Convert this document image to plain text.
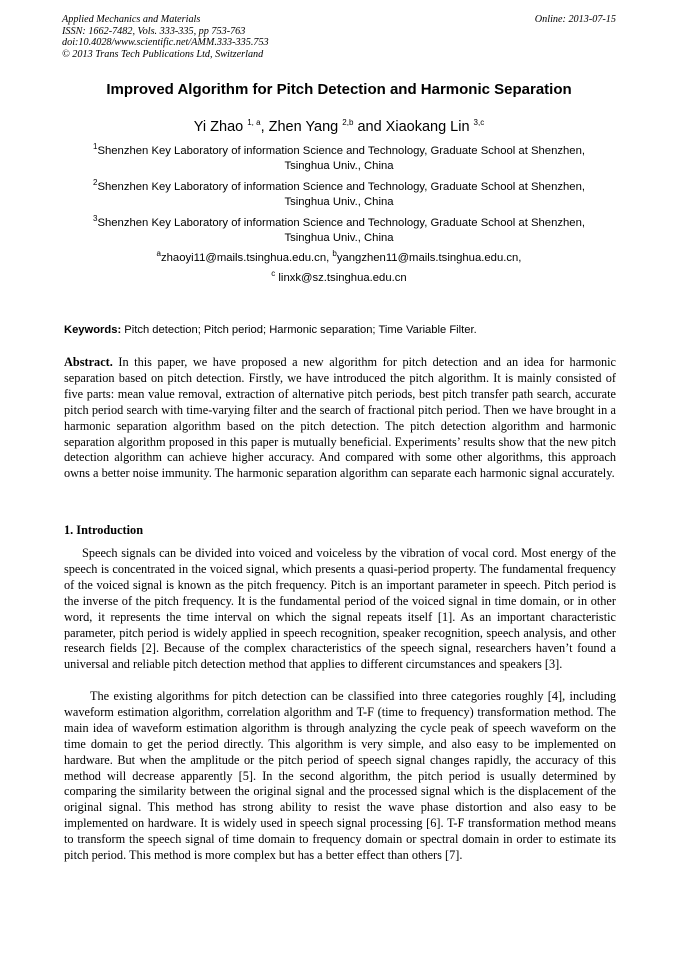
Applied Mechanics and Materials
ISSN: 1662-7482, Vols. 333-335, pp 753-763
doi:10.4028/www.scientific.net/AMM.333-335.753
© 2013 Trans Tech Publications Ltd, Switzerland
Online: 2013-07-15
Improved Algorithm for Pitch Detection and Harmonic Separation
Yi Zhao $^{1, a}$, Zhen Yang $^{2,b}$ and Xiaokang Lin $^{3,c}$
$^1$Shenzhen Key Laboratory of information Science and Technology, Graduate School at Shenzhen,
Tsinghua Univ., China
$^2$Shenzhen Key Laboratory of information Science and Technology, Graduate School at Shenzhen,
Tsinghua Univ., China
$^3$Shenzhen Key Laboratory of information Science and Technology, Graduate School at Shenzhen,
Tsinghua Univ., China
$^a$zhaoyi11@mails.tsinghua.edu.cn, $^b$yangzhen11@mails.tsinghua.edu.cn,
$^c$ linxk@sz.tsinghua.edu.cn
Keywords: Pitch detection; Pitch period; Harmonic separation; Time Variable Filter.
Abstract. In this paper, we have proposed a new algorithm for pitch detection and an idea for harmonic separation based on pitch detection. Firstly, we have introduced the pitch algorithm. It is mainly consisted of five parts: mean value removal, extraction of alternative pitch periods, best pitch transfer path search, accurate pitch period search with time-varying filter and the search of fractional pitch period. Then we have brought in a harmonic separation algorithm based on the pitch detection. The pitch detection algorithm and harmonic separation algorithm proposed in this paper is mutually beneficial. Experiments’ results show that the new pitch detection algorithm can achieve higher accuracy. And compared with some other algorithms, this approach owns a better noise immunity. The harmonic separation algorithm can separate each harmonic signal accurately.
1. Introduction
Speech signals can be divided into voiced and voiceless by the vibration of vocal cord. Most energy of the speech is concentrated in the voiced signal, which presents a quasi-period property. The fundamental frequency of the voiced signal is known as the pitch frequency. Pitch is an important parameter in speech. Pitch period is the inverse of the pitch frequency. It is the fundamental period of the voiced signal in time domain, or in other word, it represents the time interval on which the signal repeats itself [1]. As an important characteristic parameter, pitch period is widely applied in speech recognition, speaker recognition, speech analysis, and other research fields [2]. Because of the complex characteristics of the speech signal, researchers haven’t found a universal and reliable pitch detection method that applies to different circumstances and speakers [3].
The existing algorithms for pitch detection can be classified into three categories roughly [4], including waveform estimation algorithm, correlation algorithm and T-F (time to frequency) transformation method. The main idea of waveform estimation algorithm is through analyzing the cycle peak of speech waveform on the time domain to get the period directly. This algorithm is very simple, and also easy to be implemented on hardware. But when the amplitude or the pitch period of speech signal changes rapidly, the accuracy of this method will decrease apparently [5]. In the second algorithm, the pitch period is usually determined by comparing the similarity between the original signal and the processed signal which is the displacement of the original signal. This method has strong ability to resist the wave phase distortion and also easy to be implemented on hardware. It is widely used in speech signal processing [6]. T-F transformation method means to transform the speech signal of time domain to frequency domain or spectral domain in order to estimate its pitch period. This method is more complex but has a better effect than others [7].
